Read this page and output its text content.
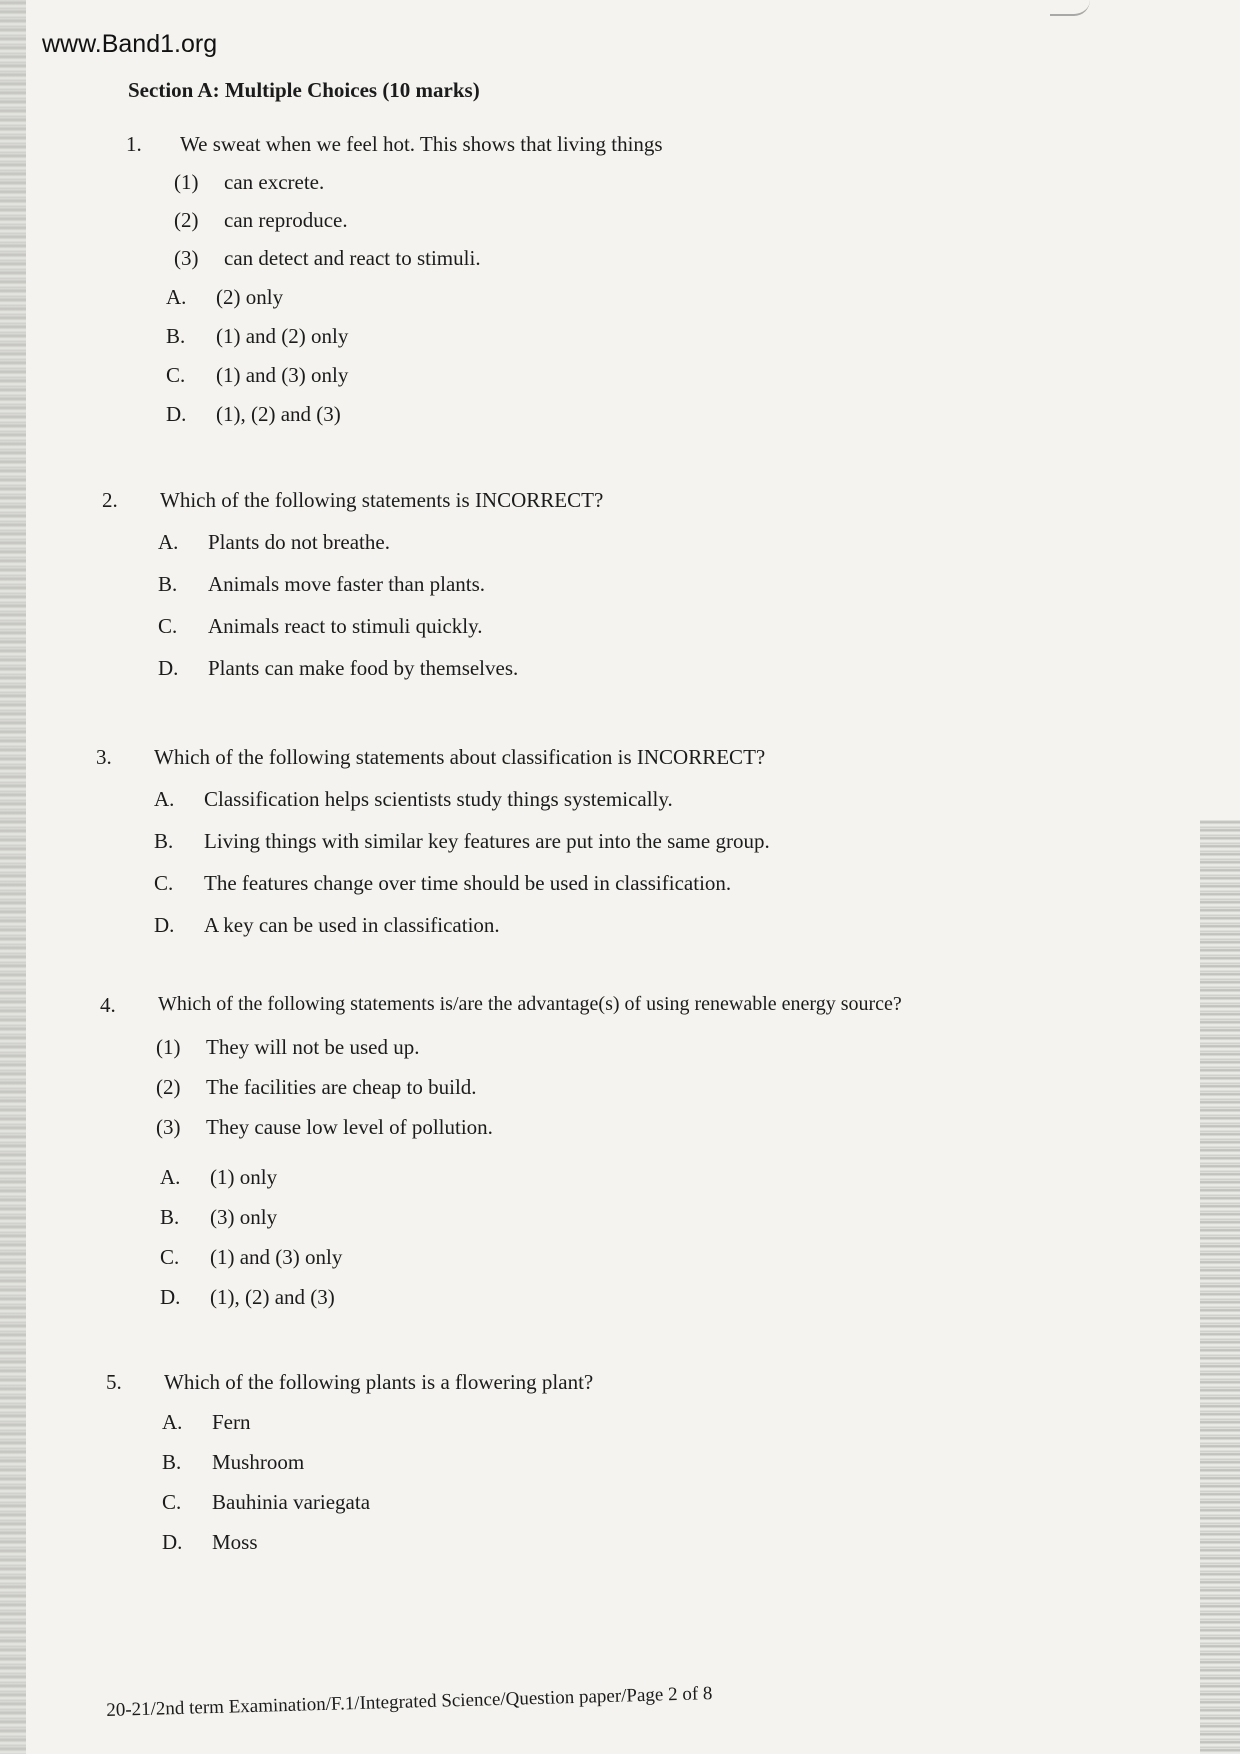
www.Band1.org
Section A: Multiple Choices (10 marks)
1. We sweat when we feel hot. This shows that living things
(1) can excrete.
(2) can reproduce.
(3) can detect and react to stimuli.
A. (2) only
B. (1) and (2) only
C. (1) and (3) only
D. (1), (2) and (3)
2. Which of the following statements is INCORRECT?
A. Plants do not breathe.
B. Animals move faster than plants.
C. Animals react to stimuli quickly.
D. Plants can make food by themselves.
3. Which of the following statements about classification is INCORRECT?
A. Classification helps scientists study things systemically.
B. Living things with similar key features are put into the same group.
C. The features change over time should be used in classification.
D. A key can be used in classification.
4. Which of the following statements is/are the advantage(s) of using renewable energy source?
(1) They will not be used up.
(2) The facilities are cheap to build.
(3) They cause low level of pollution.
A. (1) only
B. (3) only
C. (1) and (3) only
D. (1), (2) and (3)
5. Which of the following plants is a flowering plant?
A. Fern
B. Mushroom
C. Bauhinia variegata
D. Moss
20-21/2nd term Examination/F.1/Integrated Science/Question paper/Page 2 of 8
